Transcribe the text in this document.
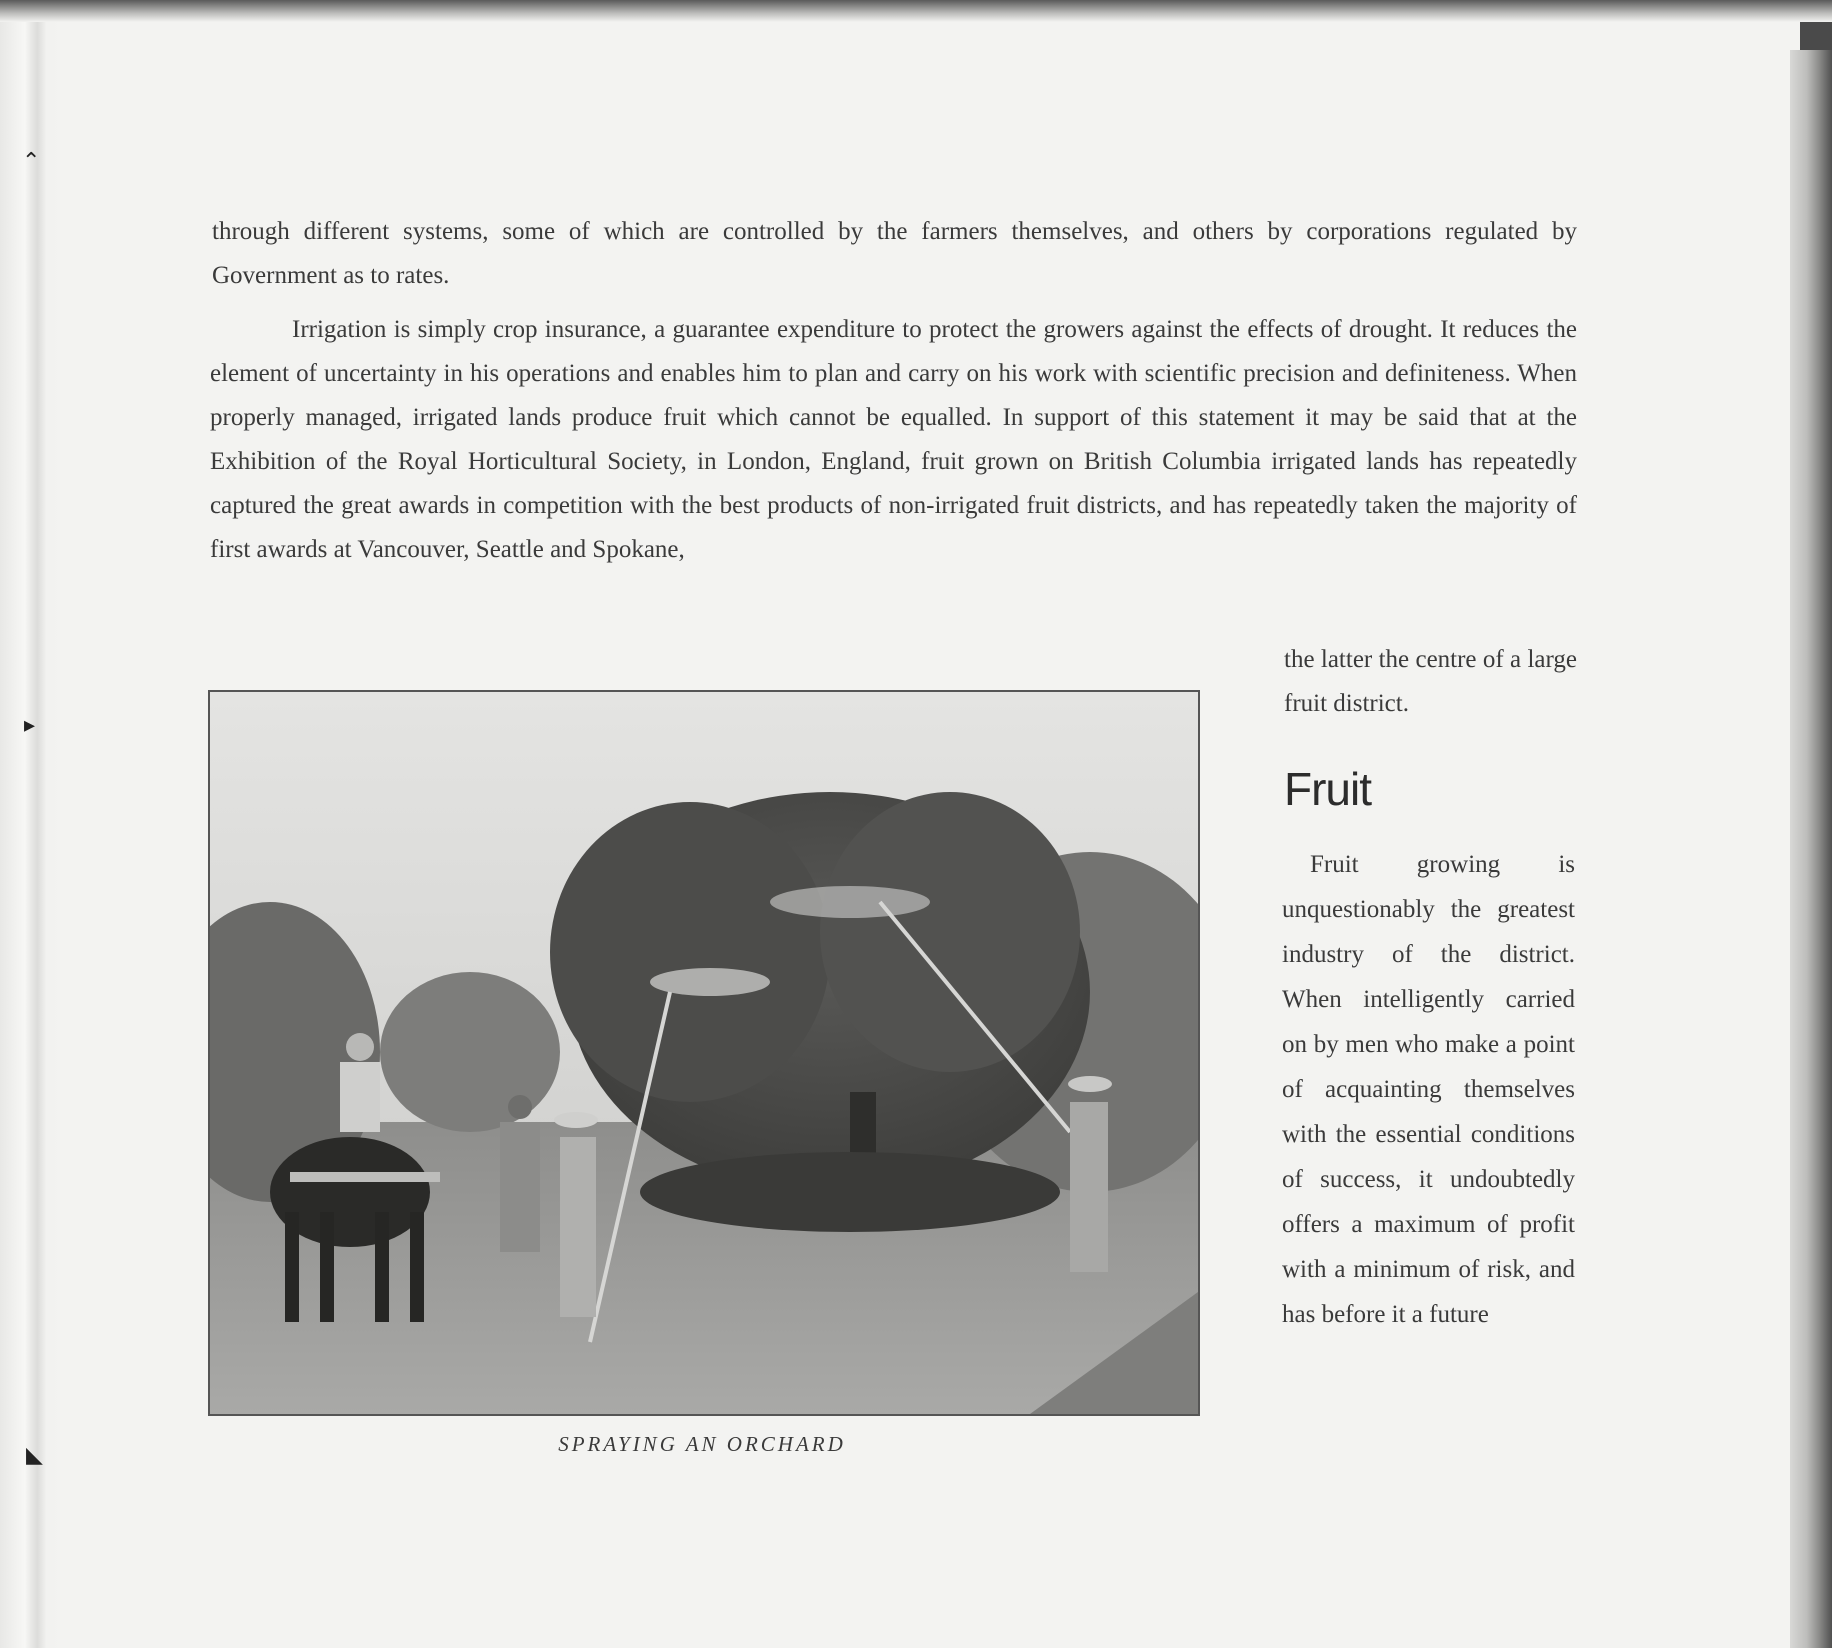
⌃
▸
◣

through different systems, some of which are controlled by the farmers themselves, and others by corporations regulated by Government as to rates.

Irrigation is simply crop insurance, a guarantee expenditure to protect the growers against the effects of drought. It reduces the element of uncertainty in his operations and enables him to plan and carry on his work with scientific precision and definiteness. When properly managed, irrigated lands produce fruit which cannot be equalled. In support of this statement it may be said that at the Exhibition of the Royal Horticultural Society, in London, England, fruit grown on British Columbia irrigated lands has repeatedly captured the great awards in competition with the best products of non-irrigated fruit districts, and has repeatedly taken the majority of first awards at Vancouver, Seattle and Spokane,

the latter the centre of a large fruit district.

Fruit

Fruit growing is unquestionably the greatest industry of the district. When intelligently carried on by men who make a point of acquainting themselves with the essential conditions of success, it undoubtedly offers a maximum of profit with a minimum of risk, and has before it a future

SPRAYING AN ORCHARD
